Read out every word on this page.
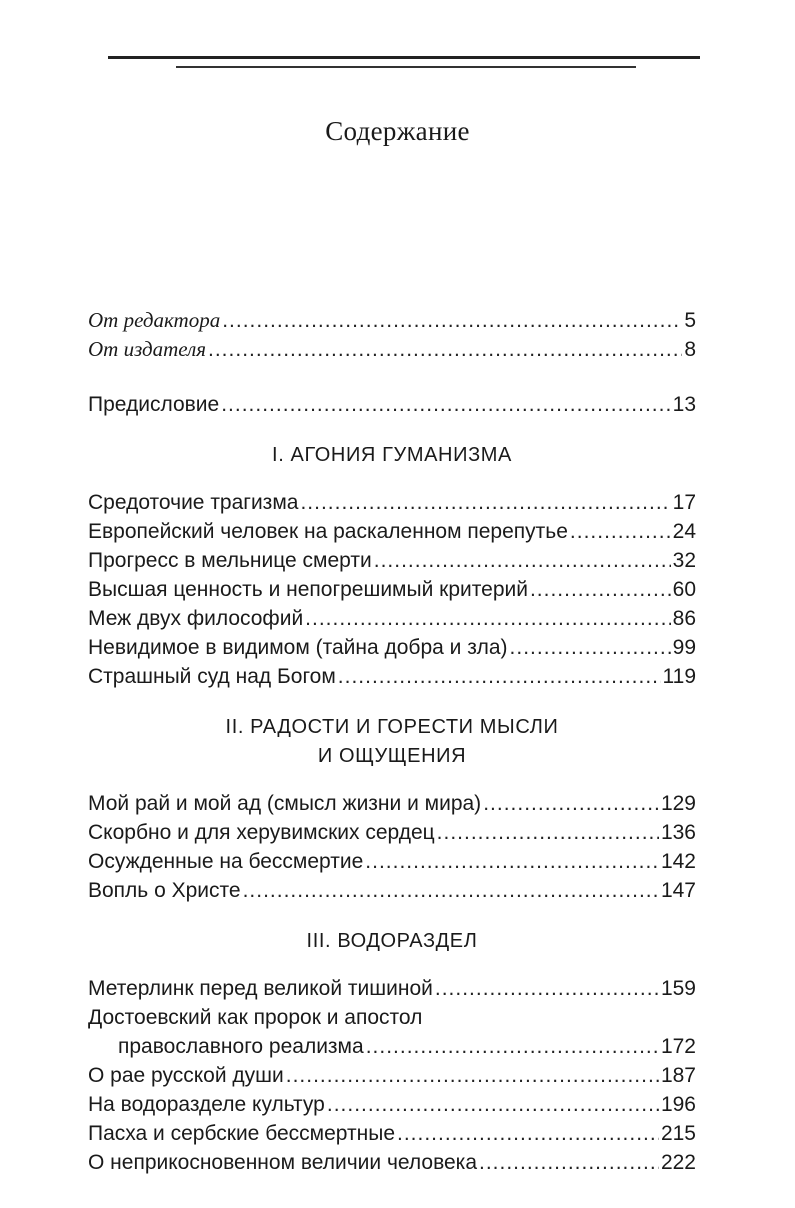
Содержание
От редактора .....	5
От издателя .....	8
Предисловие .....	13
I. АГОНИЯ ГУМАНИЗМА
Средоточие трагизма .....	17
Европейский человек на раскаленном перепутье .....	24
Прогресс в мельнице смерти .....	32
Высшая ценность и непогрешимый критерий .....	60
Меж двух философий .....	86
Невидимое в видимом (тайна добра и зла) .....	99
Страшный суд над Богом .....	119
II. РАДОСТИ И ГОРЕСТИ МЫСЛИ
И ОЩУЩЕНИЯ
Мой рай и мой ад (смысл жизни и мира) .....	129
Скорбно и для херувимских сердец .....	136
Осужденные на бессмертие .....	142
Вопль о Христе .....	147
III. ВОДОРАЗДЕЛ
Метерлинк перед великой тишиной .....	159
Достоевский как пророк и апостол
православного реализма .....	172
О рае русской души .....	187
На водоразделе культур .....	196
Пасха и сербские бессмертные .....	215
О неприкосновенном величии человека .....	222
